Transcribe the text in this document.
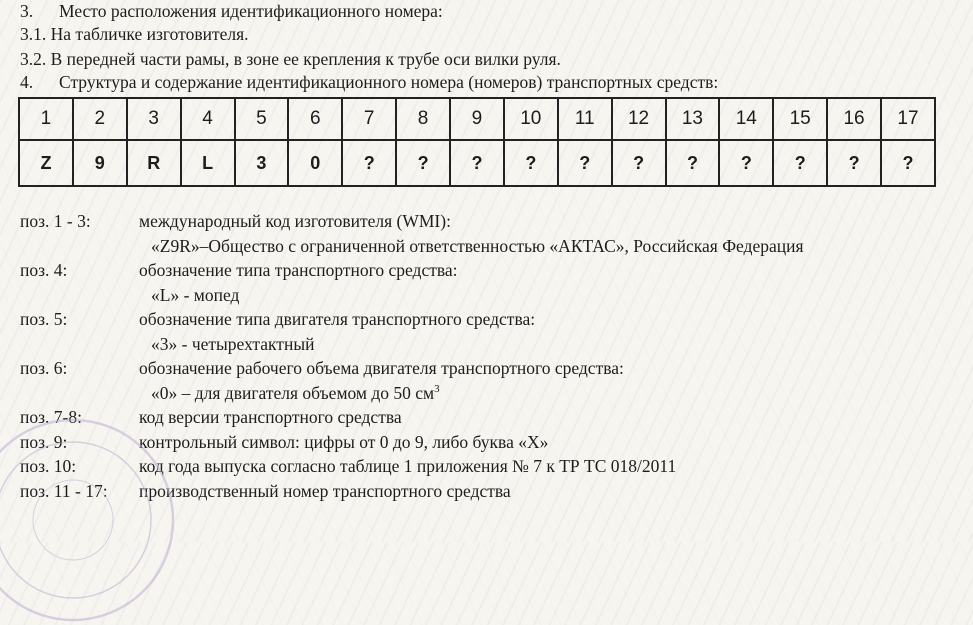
3. Место расположения идентификационного номера:
3.1. На табличке изготовителя.
3.2. В передней части рамы, в зоне ее крепления к трубе оси вилки руля.
4. Структура и содержание идентификационного номера (номеров) транспортных средств:
1	2	3	4	5	6	7	8	9	10	11	12	13	14	15	16	17
Z	9	R	L	3	0	?	?	?	?	?	?	?	?	?	?	?
поз. 1 - 3:	международный код изготовителя (WMI):
«Z9R»–Общество с ограниченной ответственностью «АКТАС», Российская Федерация
поз. 4:	обозначение типа транспортного средства:
«L» - мопед
поз. 5:	обозначение типа двигателя транспортного средства:
«3» - четырехтактный
поз. 6:	обозначение рабочего объема двигателя транспортного средства:
«0» – для двигателя объемом до 50 $см^3$
поз. 7-8:	код версии транспортного средства
поз. 9:	контрольный символ: цифры от 0 до 9, либо буква «Х»
поз. 10:	код года выпуска согласно таблице 1 приложения № 7 к ТР ТС 018/2011
поз. 11 - 17:	производственный номер транспортного средства
